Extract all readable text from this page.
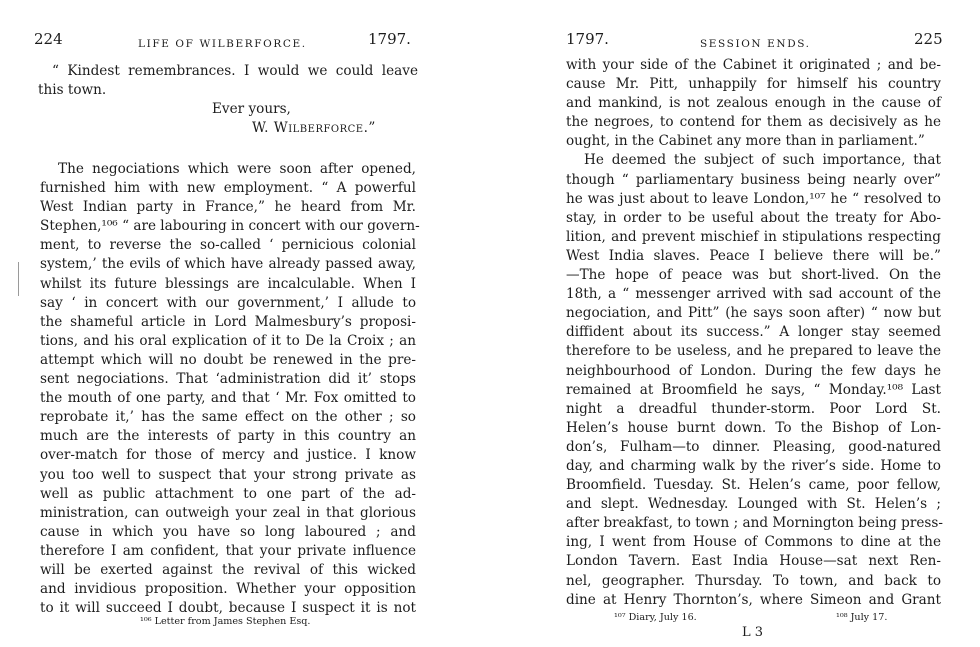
224	LIFE OF WILBERFORCE.	1797.
“ Kindest remembrances. I would we could leave
this town.
Ever yours,
W. Wilberforce.”
The negociations which were soon after opened,
furnished him with new employment. “ A powerful
West Indian party in France,” he heard from Mr.
Stephen,¹⁰⁶ “ are labouring in concert with our govern-
ment, to reverse the so-called ‘ pernicious colonial
system,’ the evils of which have already passed away,
whilst its future blessings are incalculable. When I
say ‘ in concert with our government,’ I allude to
the shameful article in Lord Malmesbury’s proposi-
tions, and his oral explication of it to De la Croix ; an
attempt which will no doubt be renewed in the pre-
sent negociations. That ‘administration did it’ stops
the mouth of one party, and that ‘ Mr. Fox omitted to
reprobate it,’ has the same effect on the other ; so
much are the interests of party in this country an
over-match for those of mercy and justice. I know
you too well to suspect that your strong private as
well as public attachment to one part of the ad-
ministration, can outweigh your zeal in that glorious
cause in which you have so long laboured ; and
therefore I am confident, that your private influence
will be exerted against the revival of this wicked
and invidious proposition. Whether your opposition
to it will succeed I doubt, because I suspect it is not
¹⁰⁶ Letter from James Stephen Esq.
1797.	SESSION ENDS.	225
with your side of the Cabinet it originated ; and be-
cause Mr. Pitt, unhappily for himself his country
and mankind, is not zealous enough in the cause of
the negroes, to contend for them as decisively as he
ought, in the Cabinet any more than in parliament.”
He deemed the subject of such importance, that
though “ parliamentary business being nearly over”
he was just about to leave London,¹⁰⁷ he “ resolved to
stay, in order to be useful about the treaty for Abo-
lition, and prevent mischief in stipulations respecting
West India slaves. Peace I believe there will be.”
—The hope of peace was but short-lived. On the
18th, a “ messenger arrived with sad account of the
negociation, and Pitt” (he says soon after) “ now but
diffident about its success.” A longer stay seemed
therefore to be useless, and he prepared to leave the
neighbourhood of London. During the few days he
remained at Broomfield he says, “ Monday.¹⁰⁸ Last
night a dreadful thunder-storm. Poor Lord St.
Helen’s house burnt down. To the Bishop of Lon-
don’s, Fulham—to dinner. Pleasing, good-natured
day, and charming walk by the river’s side. Home to
Broomfield. Tuesday. St. Helen’s came, poor fellow,
and slept. Wednesday. Lounged with St. Helen’s ;
after breakfast, to town ; and Mornington being press-
ing, I went from House of Commons to dine at the
London Tavern. East India House—sat next Ren-
nel, geographer. Thursday. To town, and back to
dine at Henry Thornton’s, where Simeon and Grant
¹⁰⁷ Diary, July 16.	¹⁰⁸ July 17.
L 3
